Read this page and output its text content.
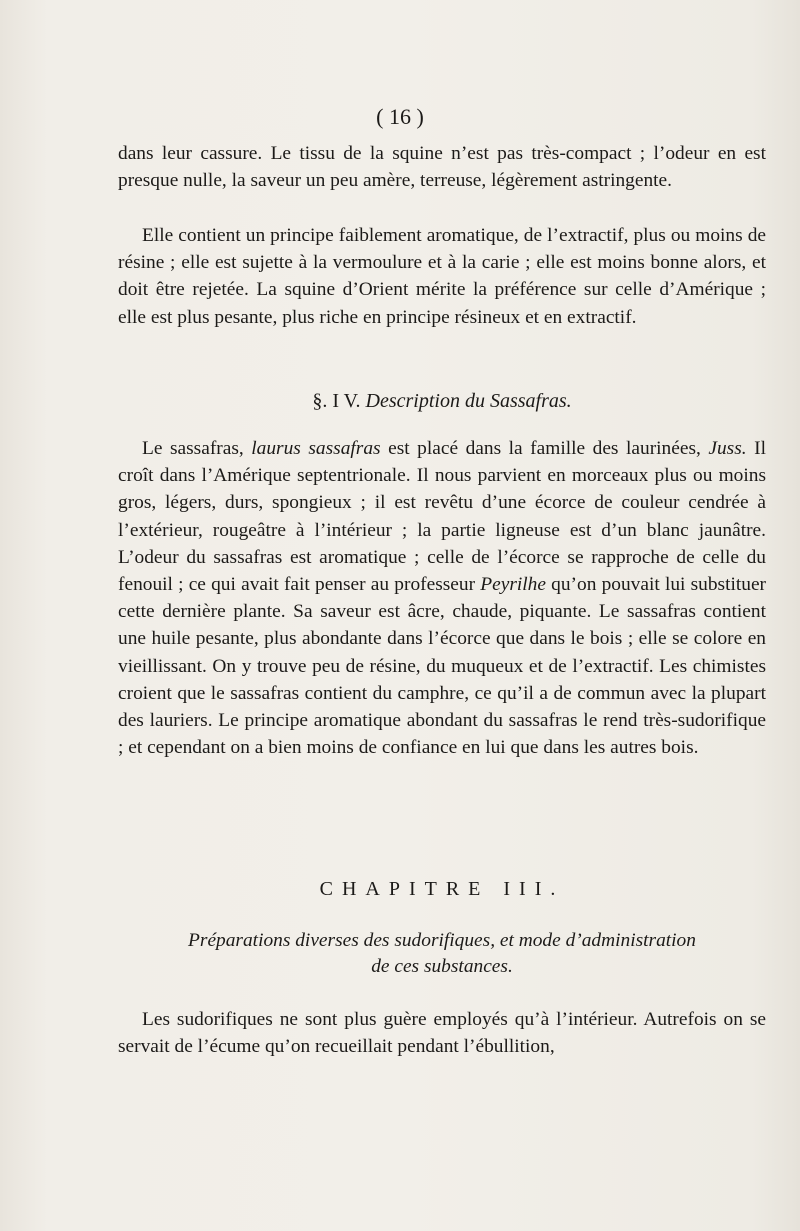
( 16 )

dans leur cassure. Le tissu de la squine n’est pas très-compact ; l’odeur en est presque nulle, la saveur un peu amère, terreuse, légèrement astringente.

Elle contient un principe faiblement aromatique, de l’extractif, plus ou moins de résine ; elle est sujette à la vermoulure et à la carie ; elle est moins bonne alors, et doit être rejetée. La squine d’Orient mérite la préférence sur celle d’Amérique ; elle est plus pesante, plus riche en principe résineux et en extractif.

§. I V. Description du Sassafras.

Le sassafras, laurus sassafras est placé dans la famille des laurinées, Juss. Il croît dans l’Amérique septentrionale. Il nous parvient en morceaux plus ou moins gros, légers, durs, spongieux ; il est revêtu d’une écorce de couleur cendrée à l’extérieur, rougeâtre à l’intérieur ; la partie ligneuse est d’un blanc jaunâtre. L’odeur du sassafras est aromatique ; celle de l’écorce se rapproche de celle du fenouil ; ce qui avait fait penser au professeur Peyrilhe qu’on pouvait lui substituer cette dernière plante. Sa saveur est âcre, chaude, piquante. Le sassafras contient une huile pesante, plus abondante dans l’écorce que dans le bois ; elle se colore en vieillissant. On y trouve peu de résine, du muqueux et de l’extractif. Les chimistes croient que le sassafras contient du camphre, ce qu’il a de commun avec la plupart des lauriers. Le principe aromatique abondant du sassafras le rend très-sudorifique ; et cependant on a bien moins de confiance en lui que dans les autres bois.

CHAPITRE III.

Préparations diverses des sudorifiques, et mode d’administration

de ces substances.

Les sudorifiques ne sont plus guère employés qu’à l’intérieur. Autrefois on se servait de l’écume qu’on recueillait pendant l’ébullition,
